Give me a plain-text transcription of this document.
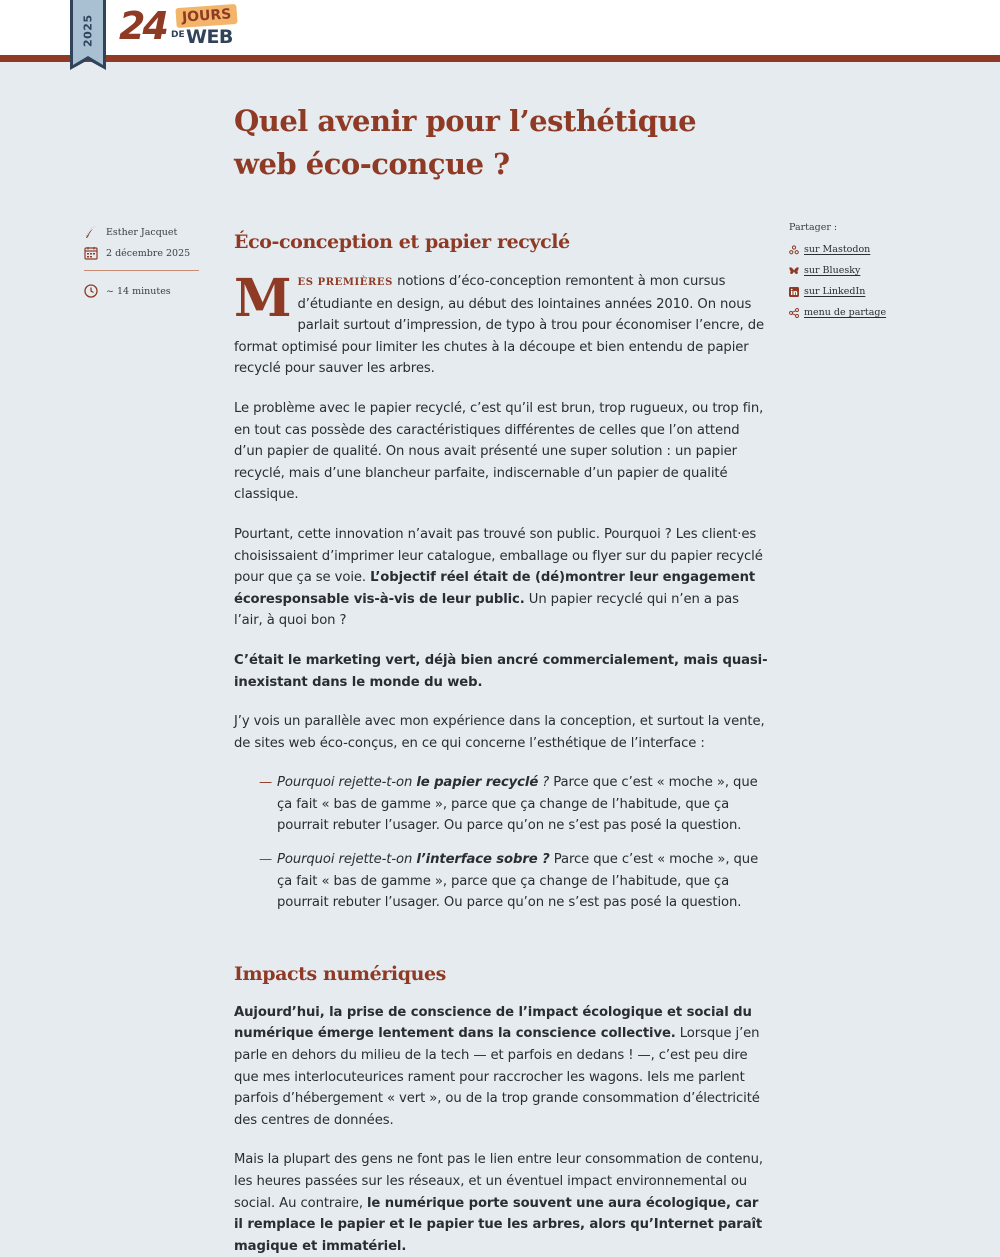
2025 24	JOURS
DE WEB
Quel avenir pour l’esthétique web éco-conçue ?
Esther Jacquet
2 décembre 2025
~ 14 minutes
Partager :
sur Mastodon
sur Bluesky
sur LinkedIn
menu de partage
Éco-conception et papier recyclé

MES PREMIÈRES notions d’éco-conception remontent à mon cursus d’étudiante en design, au début des lointaines années 2010. On nous parlait surtout d’impression, de typo à trou pour économiser l’encre, de format optimisé pour limiter les chutes à la découpe et bien entendu de papier recyclé pour sauver les arbres.

Le problème avec le papier recyclé, c’est qu’il est brun, trop rugueux, ou trop fin, en tout cas possède des caractéristiques différentes de celles que l’on attend d’un papier de qualité. On nous avait présenté une super solution : un papier recyclé, mais d’une blancheur parfaite, indiscernable d’un papier de qualité classique.

Pourtant, cette innovation n’avait pas trouvé son public. Pourquoi ? Les client·es choisissaient d’imprimer leur catalogue, emballage ou flyer sur du papier recyclé pour que ça se voie. L’objectif réel était de (dé)montrer leur engagement écoresponsable vis-à-vis de leur public. Un papier recyclé qui n’en a pas l’air, à quoi bon ?

C’était le marketing vert, déjà bien ancré commercialement, mais quasi-inexistant dans le monde du web.

J’y vois un parallèle avec mon expérience dans la conception, et surtout la vente, de sites web éco-conçus, en ce qui concerne l’esthétique de l’interface :

— Pourquoi rejette-t-on le papier recyclé ? Parce que c’est « moche », que ça fait « bas de gamme », parce que ça change de l’habitude, que ça pourrait rebuter l’usager. Ou parce qu’on ne s’est pas posé la question.
— Pourquoi rejette-t-on l’interface sobre ? Parce que c’est « moche », que ça fait « bas de gamme », parce que ça change de l’habitude, que ça pourrait rebuter l’usager. Ou parce qu’on ne s’est pas posé la question.
Impacts numériques

Aujourd’hui, la prise de conscience de l’impact écologique et social du numérique émerge lentement dans la conscience collective. Lorsque j’en parle en dehors du milieu de la tech — et parfois en dedans ! —, c’est peu dire que mes interlocuteurices rament pour raccrocher les wagons. Iels me parlent parfois d’hébergement « vert », ou de la trop grande consommation d’électricité des centres de données.

Mais la plupart des gens ne font pas le lien entre leur consommation de contenu, les heures passées sur les réseaux, et un éventuel impact environnemental ou social. Au contraire, le numérique porte souvent une aura écologique, car il remplace le papier et le papier tue les arbres, alors qu’Internet paraît magique et immatériel.
